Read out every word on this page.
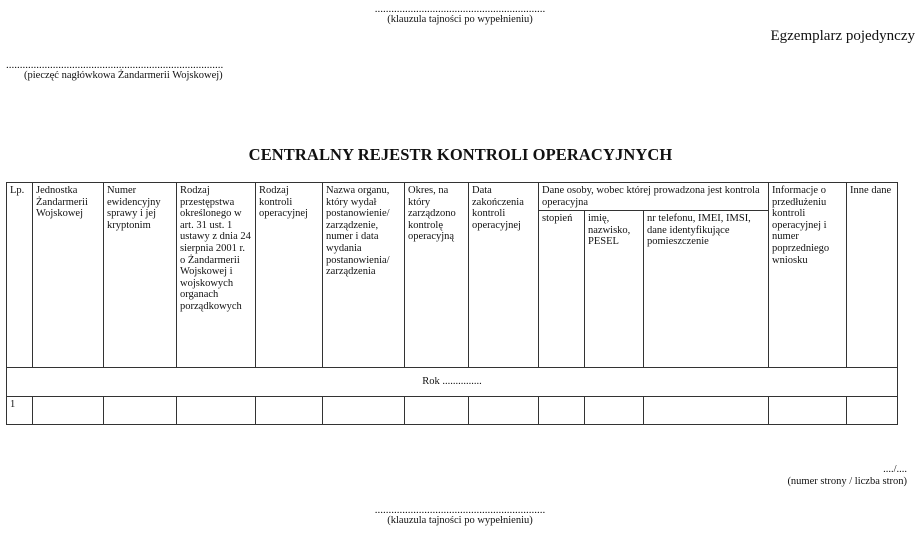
..............................................................
(klauzula tajności po wypełnieniu)
Egzemplarz pojedynczy
...............................................................................
(pieczęć nagłówkowa Żandarmerii Wojskowej)
CENTRALNY REJESTR KONTROLI OPERACYJNYCH
Lp.	Jednostka Żandarmerii Wojskowej	Numer ewidencyjny sprawy i jej kryptonim	Rodzaj przestępstwa określonego w art. 31 ust. 1 ustawy z dnia 24 sierpnia 2001 r. o Żandarmerii Wojskowej i wojskowych organach porządkowych	Rodzaj kontroli operacyjnej	Nazwa organu, który wydał postanowienie/ zarządzenie, numer i data wydania postanowienia/ zarządzenia	Okres, na który zarządzono kontrolę operacyjną	Data zakończenia kontroli operacyjnej	Dane osoby, wobec której prowadzona jest kontrola operacyjna			Informacje o przedłużeniu kontroli operacyjnej i numer poprzedniego wniosku	Inne dane
								stopień	imię, nazwisko, PESEL	nr telefonu, IMEI, IMSI, dane identyfikujące pomieszczenie		
Rok ...............												
1												
..../....
(numer strony / liczba stron)
..............................................................
(klauzula tajności po wypełnieniu)
